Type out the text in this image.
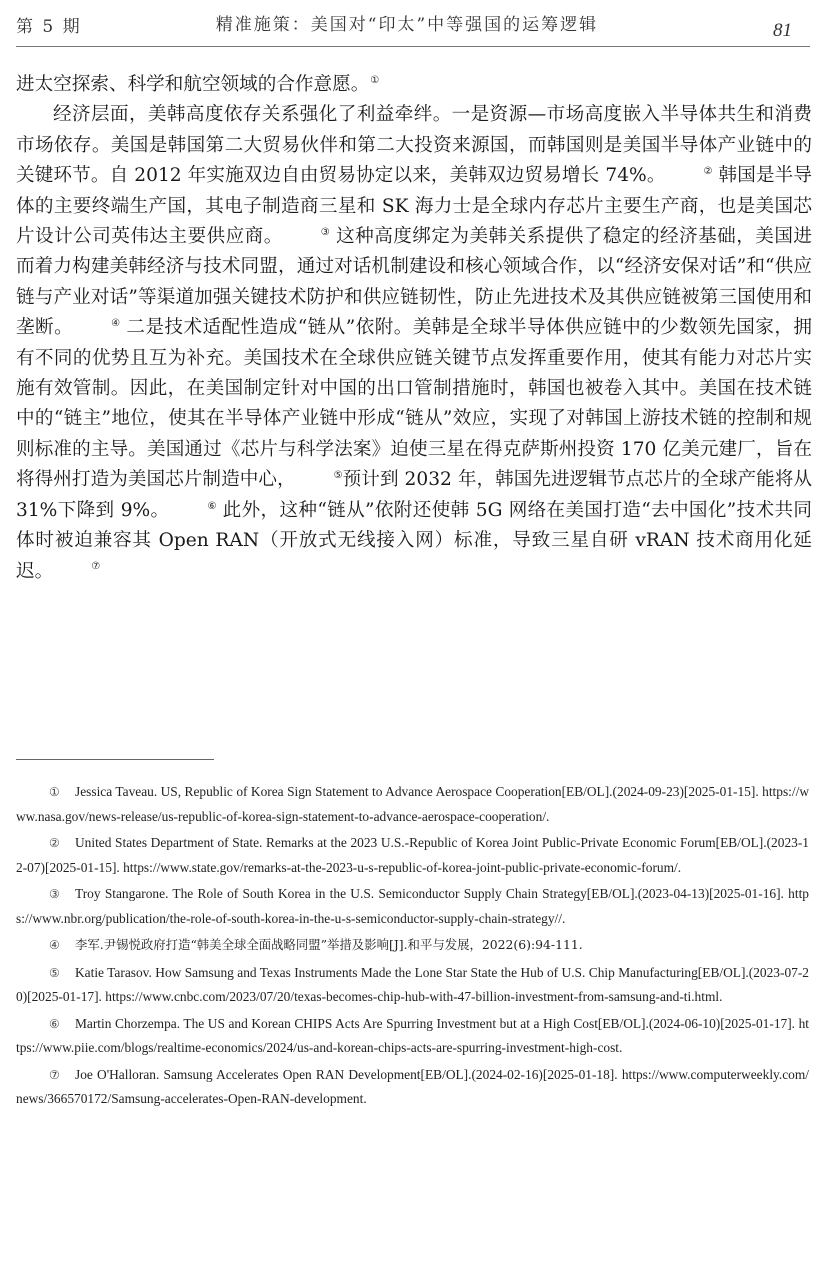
第 5 期	精准施策：美国对“印太”中等强国的运筹逻辑	81

进太空探索、科学和航空领域的合作意愿。①

经济层面，美韩高度依存关系强化了利益牵绊。一是资源—市场高度嵌入半导体共生和消费市场依存。美国是韩国第二大贸易伙伴和第二大投资来源国，而韩国则是美国半导体产业链中的关键环节。自 2012 年实施双边自由贸易协定以来，美韩双边贸易增长 74%。	② 韩国是半导体的主要终端生产国，其电子制造商三星和 SK 海力士是全球内存芯片主要生产商，也是美国芯片设计公司英伟达主要供应商。	③ 这种高度绑定为美韩关系提供了稳定的经济基础，美国进而着力构建美韩经济与技术同盟，通过对话机制建设和核心领域合作，以“经济安保对话”和“供应链与产业对话”等渠道加强关键技术防护和供应链韧性，防止先进技术及其供应链被第三国使用和垄断。	④ 二是技术适配性造成“链从”依附。美韩是全球半导体供应链中的少数领先国家，拥有不同的优势且互为补充。美国技术在全球供应链关键节点发挥重要作用，使其有能力对芯片实施有效管制。因此，在美国制定针对中国的出口管制措施时，韩国也被卷入其中。美国在技术链中的“链主”地位，使其在半导体产业链中形成“链从”效应，实现了对韩国上游技术链的控制和规则标准的主导。美国通过《芯片与科学法案》迫使三星在得克萨斯州投资 170 亿美元建厂，旨在将得州打造为美国芯片制造中心，	⑤预计到 2032 年，韩国先进逻辑节点芯片的全球产能将从 31%下降到 9%。	⑥ 此外，这种“链从”依附还使韩 5G 网络在美国打造“去中国化”技术共同体时被迫兼容其 Open RAN（开放式无线接入网）标准，导致三星自研 vRAN 技术商用化延迟。	⑦

① Jessica Taveau. US, Republic of Korea Sign Statement to Advance Aerospace Cooperation[EB/OL].(2024-09-23)[2025-01-15]. https://www.nasa.gov/news-release/us-republic-of-korea-sign-statement-to-advance-aerospace-cooperation/.

② United States Department of State. Remarks at the 2023 U.S.-Republic of Korea Joint Public-Private Economic Forum[EB/OL].(2023-12-07)[2025-01-15]. https://www.state.gov/remarks-at-the-2023-u-s-republic-of-korea-joint-public-private-economic-forum/.

③ Troy Stangarone. The Role of South Korea in the U.S. Semiconductor Supply Chain Strategy[EB/OL].(2023-04-13)[2025-01-16]. https://www.nbr.org/publication/the-role-of-south-korea-in-the-u-s-semiconductor-supply-chain-strategy//.

④ 李军.尹锡悦政府打造“韩美全球全面战略同盟”举措及影响[J].和平与发展，2022(6):94-111.

⑤ Katie Tarasov. How Samsung and Texas Instruments Made the Lone Star State the Hub of U.S. Chip Manufacturing[EB/OL].(2023-07-20)[2025-01-17]. https://www.cnbc.com/2023/07/20/texas-becomes-chip-hub-with-47-billion-investment-from-samsung-and-ti.html.

⑥ Martin Chorzempa. The US and Korean CHIPS Acts Are Spurring Investment but at a High Cost[EB/OL].(2024-06-10)[2025-01-17]. https://www.piie.com/blogs/realtime-economics/2024/us-and-korean-chips-acts-are-spurring-investment-high-cost.

⑦ Joe O'Halloran. Samsung Accelerates Open RAN Development[EB/OL].(2024-02-16)[2025-01-18]. https://www.computerweekly.com/news/366570172/Samsung-accelerates-Open-RAN-development.
